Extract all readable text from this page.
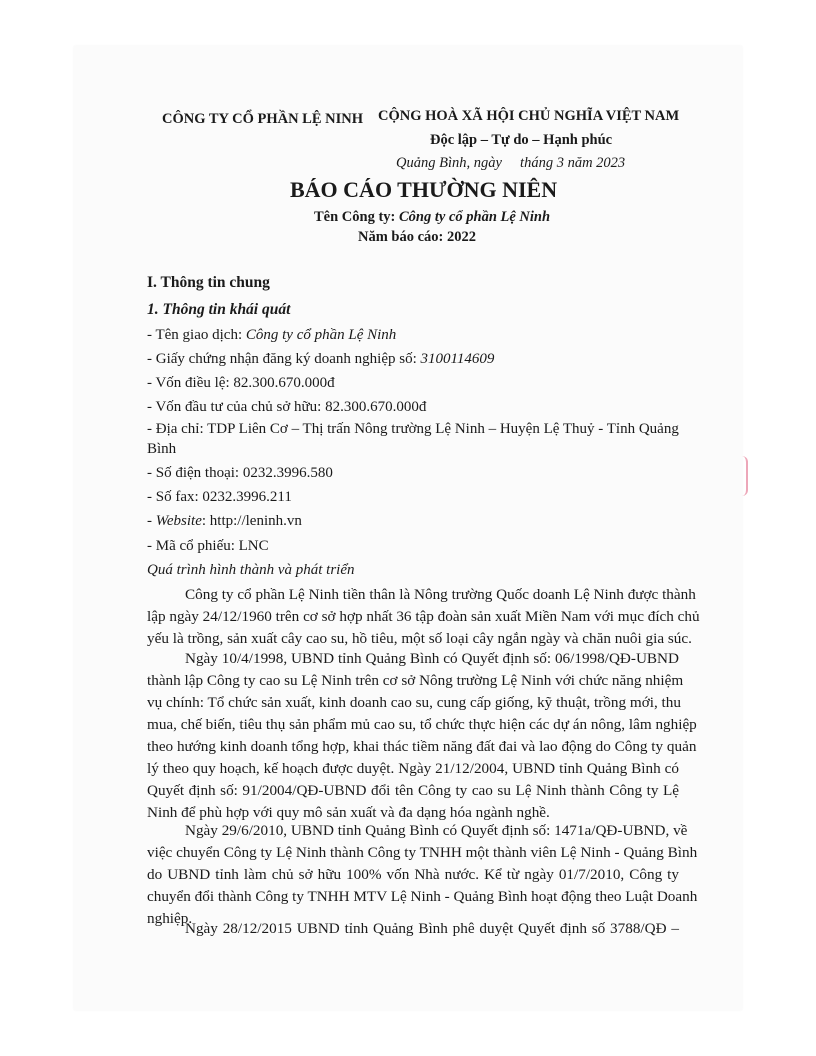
CÔNG TY CỔ PHẦN LỆ NINH CỘNG HOÀ XÃ HỘI CHỦ NGHĨA VIỆT NAM
Độc lập – Tự do – Hạnh phúc
Quảng Bình, ngày     tháng 3 năm 2023
BÁO CÁO THƯỜNG NIÊN
Tên Công ty: Công ty cổ phần Lệ Ninh
Năm báo cáo: 2022
I. Thông tin chung
1. Thông tin khái quát
- Tên giao dịch: Công ty cổ phần Lệ Ninh
- Giấy chứng nhận đăng ký doanh nghiệp số: 3100114609
- Vốn điều lệ: 82.300.670.000đ
- Vốn đầu tư của chủ sở hữu: 82.300.670.000đ
- Địa chỉ: TDP Liên Cơ – Thị trấn Nông trường Lệ Ninh – Huyện Lệ Thuỷ - Tỉnh Quảng
Bình
- Số điện thoại: 0232.3996.580
- Số fax: 0232.3996.211
- Website: http://leninh.vn
- Mã cổ phiếu: LNC
Quá trình hình thành và phát triển
Công ty cổ phần Lệ Ninh tiền thân là Nông trường Quốc doanh Lệ Ninh được thành
lập ngày 24/12/1960 trên cơ sở hợp nhất 36 tập đoàn sản xuất Miền Nam với mục đích chủ
yếu là trồng, sản xuất cây cao su, hồ tiêu, một số loại cây ngắn ngày và chăn nuôi gia súc.
Ngày 10/4/1998, UBND tỉnh Quảng Bình có Quyết định số: 06/1998/QĐ-UBND
thành lập Công ty cao su Lệ Ninh trên cơ sở Nông trường Lệ Ninh với chức năng nhiệm
vụ chính: Tổ chức sản xuất, kinh doanh cao su, cung cấp giống, kỹ thuật, trồng mới, thu
mua, chế biến, tiêu thụ sản phẩm mủ cao su, tổ chức thực hiện các dự án nông, lâm nghiệp
theo hướng kinh doanh tổng hợp, khai thác tiềm năng đất đai và lao động do Công ty quản
lý theo quy hoạch, kế hoạch được duyệt. Ngày 21/12/2004, UBND tỉnh Quảng Bình có
Quyết định số: 91/2004/QĐ-UBND đổi tên Công ty cao su Lệ Ninh thành Công ty Lệ
Ninh để phù hợp với quy mô sản xuất và đa dạng hóa ngành nghề.
Ngày 29/6/2010, UBND tỉnh Quảng Bình có Quyết định số: 1471a/QĐ-UBND, về
việc chuyển Công ty Lệ Ninh thành Công ty TNHH một thành viên Lệ Ninh - Quảng Bình
do UBND tỉnh làm chủ sở hữu 100% vốn Nhà nước. Kể từ ngày 01/7/2010, Công ty
chuyển đổi thành Công ty TNHH MTV Lệ Ninh - Quảng Bình hoạt động theo Luật Doanh
nghiệp.
Ngày 28/12/2015 UBND tỉnh Quảng Bình phê duyệt Quyết định số 3788/QĐ –
